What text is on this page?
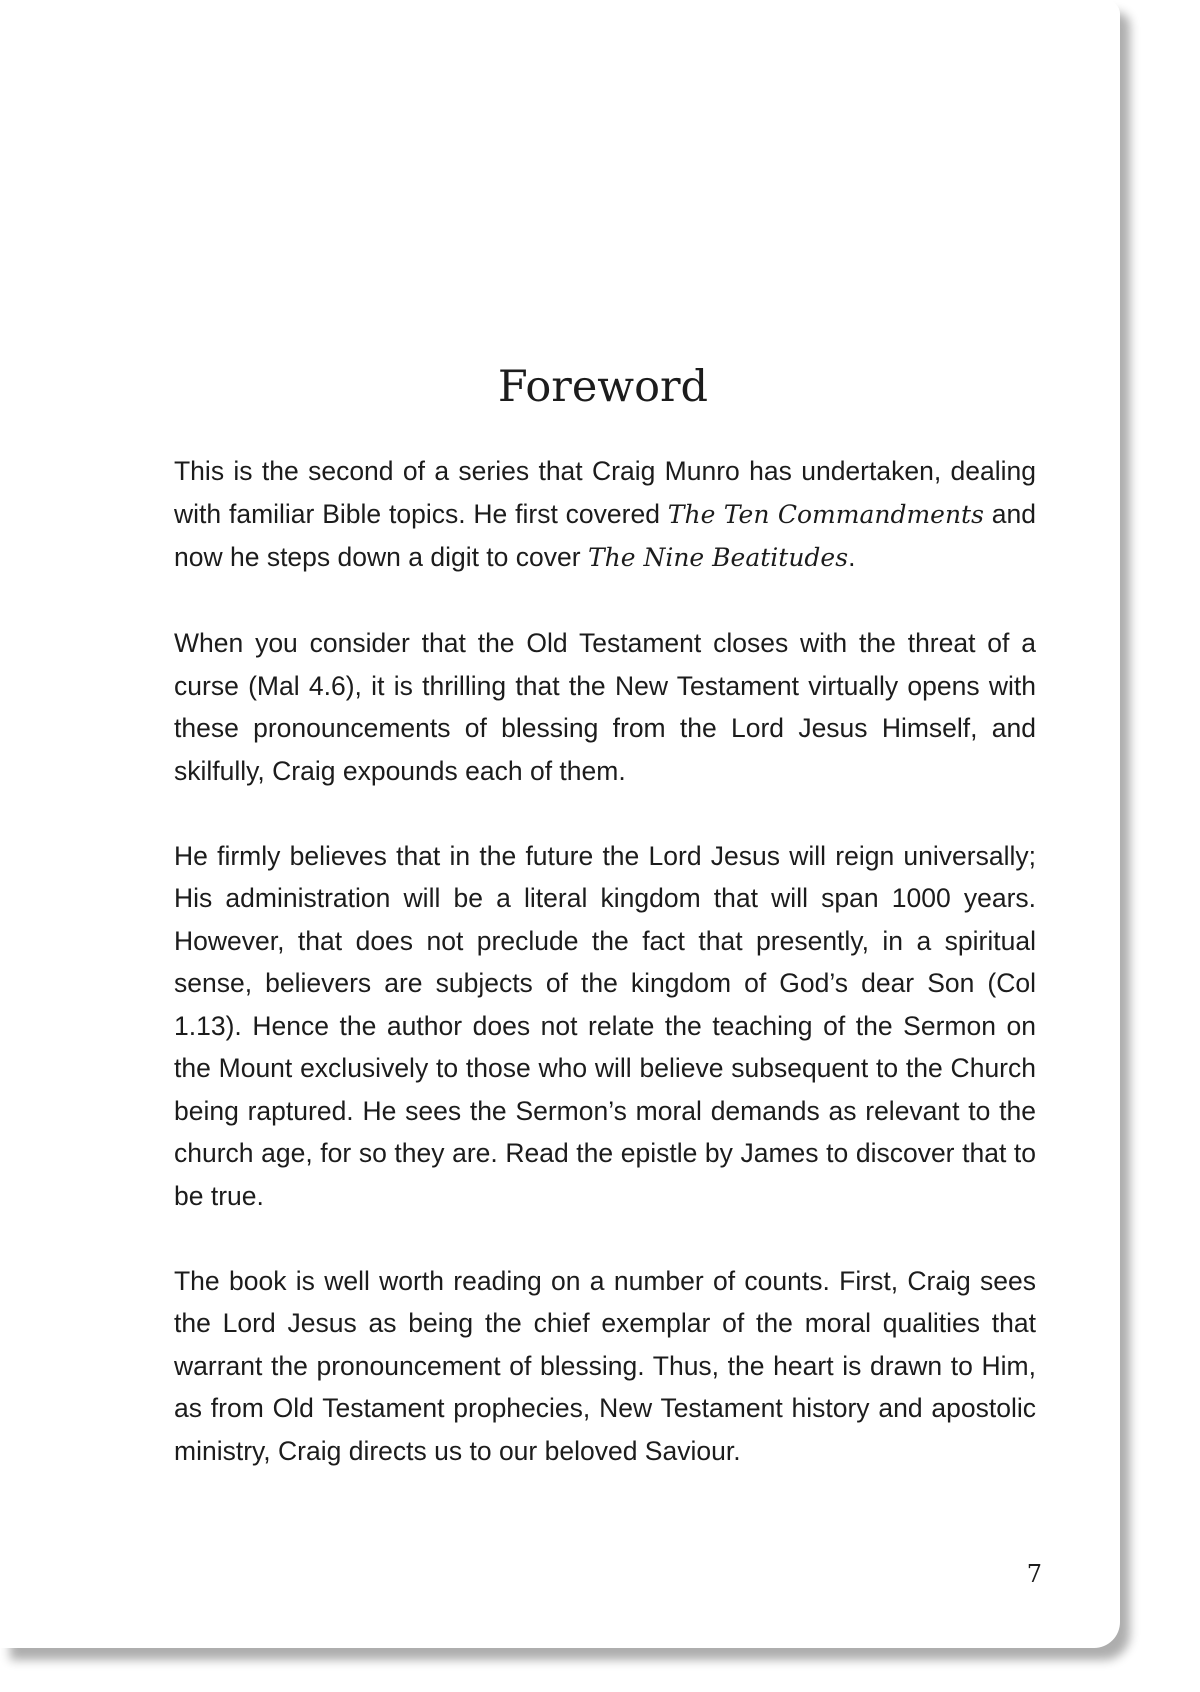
Foreword

This is the second of a series that Craig Munro has undertaken, dealing with familiar Bible topics. He first covered The Ten Commandments and now he steps down a digit to cover The Nine Beatitudes.

When you consider that the Old Testament closes with the threat of a curse (Mal 4.6), it is thrilling that the New Testament virtually opens with these pronouncements of blessing from the Lord Jesus Himself, and skilfully, Craig expounds each of them.

He firmly believes that in the future the Lord Jesus will reign universally; His administration will be a literal kingdom that will span 1000 years. However, that does not preclude the fact that presently, in a spiritual sense, believers are subjects of the kingdom of God’s dear Son (Col 1.13). Hence the author does not relate the teaching of the Sermon on the Mount exclusively to those who will believe subsequent to the Church being raptured. He sees the Sermon’s moral demands as relevant to the church age, for so they are. Read the epistle by James to discover that to be true.

The book is well worth reading on a number of counts. First, Craig sees the Lord Jesus as being the chief exemplar of the moral qualities that warrant the pronouncement of blessing. Thus, the heart is drawn to Him, as from Old Testament prophecies, New Testament history and apostolic ministry, Craig directs us to our beloved Saviour.

7
